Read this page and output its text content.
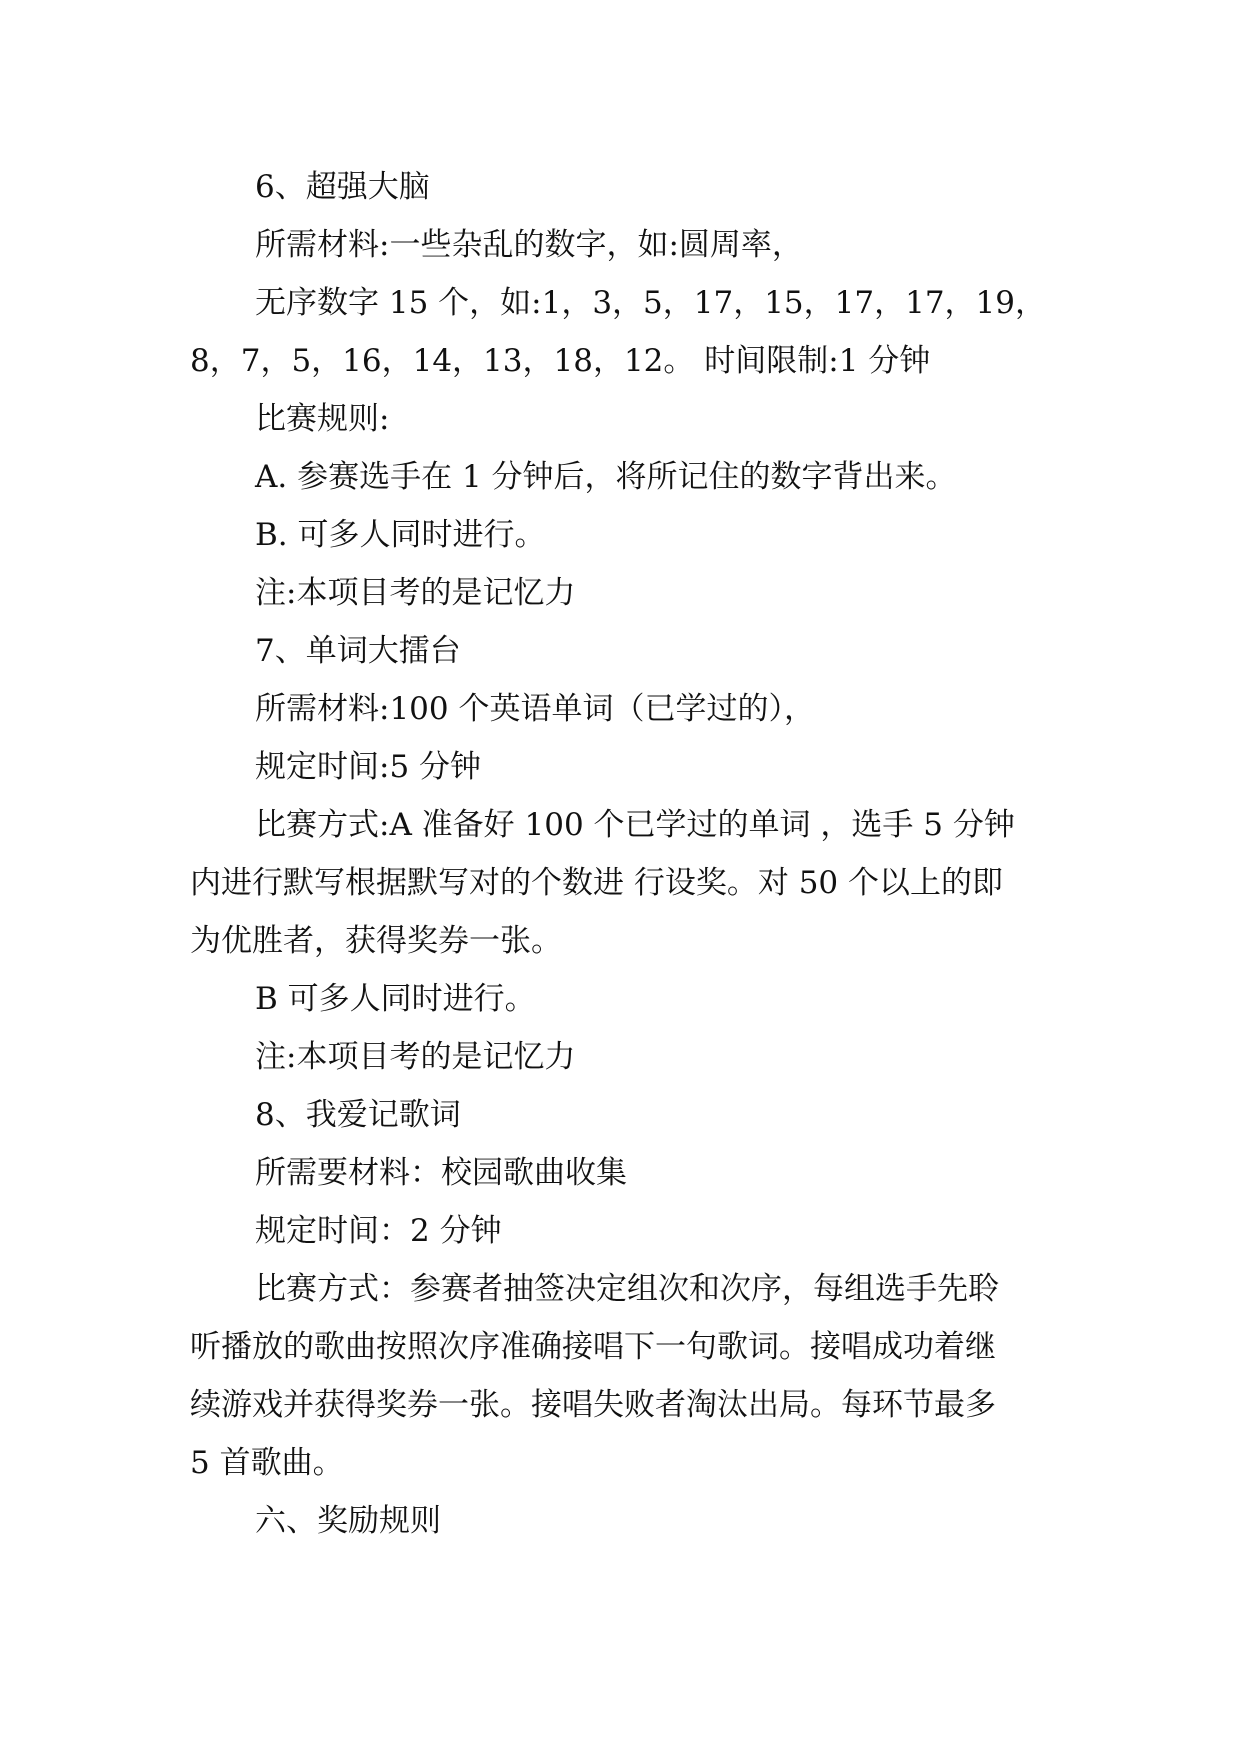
6、超强大脑
所需材料:一些杂乱的数字，如:圆周率，
无序数字 15 个，如:1，3，5，17，15，17，17，19，
8，7，5，16，14，13，18，12。 时间限制:1 分钟
比赛规则:
A. 参赛选手在 1 分钟后，将所记住的数字背出来。
B. 可多人同时进行。
注:本项目考的是记忆力
7、单词大擂台
所需材料:100 个英语单词（已学过的），
规定时间:5 分钟
比赛方式:A 准备好 100 个已学过的单词 ，选手 5 分钟
内进行默写根据默写对的个数进 行设奖。对 50 个以上的即
为优胜者，获得奖券一张。
B 可多人同时进行。
注:本项目考的是记忆力
8、我爱记歌词
所需要材料：校园歌曲收集
规定时间：2 分钟
比赛方式：参赛者抽签决定组次和次序，每组选手先聆
听播放的歌曲按照次序准确接唱下一句歌词。接唱成功着继
续游戏并获得奖券一张。接唱失败者淘汰出局。每环节最多
5 首歌曲。
六、奖励规则
